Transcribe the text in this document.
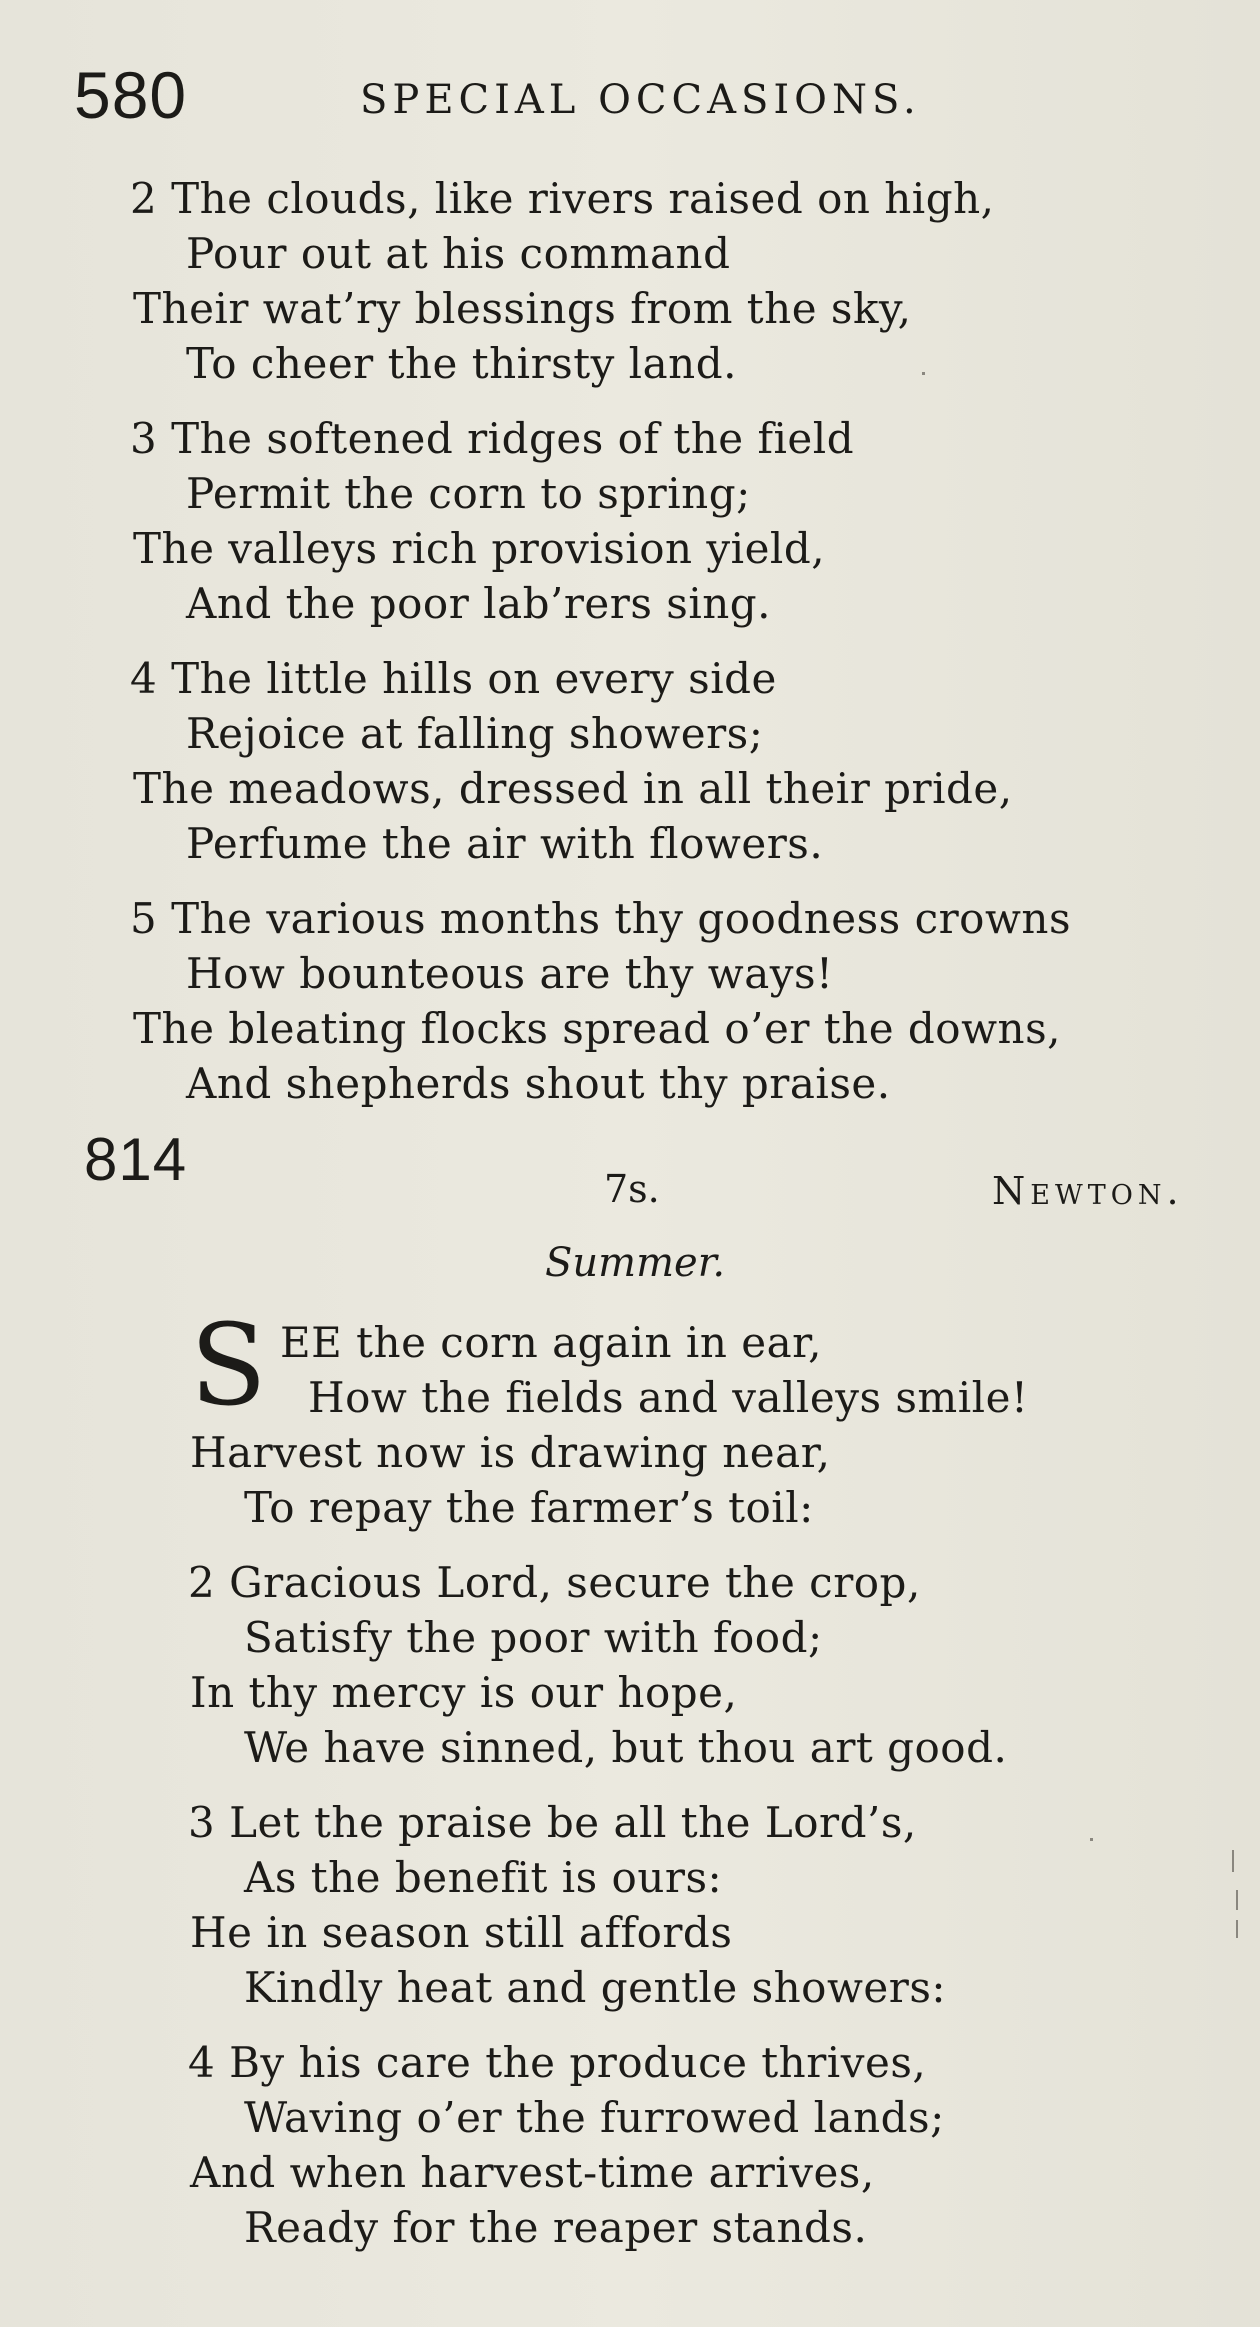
580	SPECIAL OCCASIONS.
2 The clouds, like rivers raised on high,
Pour out at his command
Their wat’ry blessings from the sky,
To cheer the thirsty land.
3 The softened ridges of the field
Permit the corn to spring;
The valleys rich provision yield,
And the poor lab’rers sing.
4 The little hills on every side
Rejoice at falling showers;
The meadows, dressed in all their pride,
Perfume the air with flowers.
5 The various months thy goodness crowns
How bounteous are thy ways!
The bleating flocks spread o’er the downs,
And shepherds shout thy praise.
814	7s.	Newton.
Summer.
S EE the corn again in ear,
How the fields and valleys smile!
Harvest now is drawing near,
To repay the farmer’s toil:
2 Gracious Lord, secure the crop,
Satisfy the poor with food;
In thy mercy is our hope,
We have sinned, but thou art good.
3 Let the praise be all the Lord’s,
As the benefit is ours:
He in season still affords
Kindly heat and gentle showers:
4 By his care the produce thrives,
Waving o’er the furrowed lands;
And when harvest-time arrives,
Ready for the reaper stands.
